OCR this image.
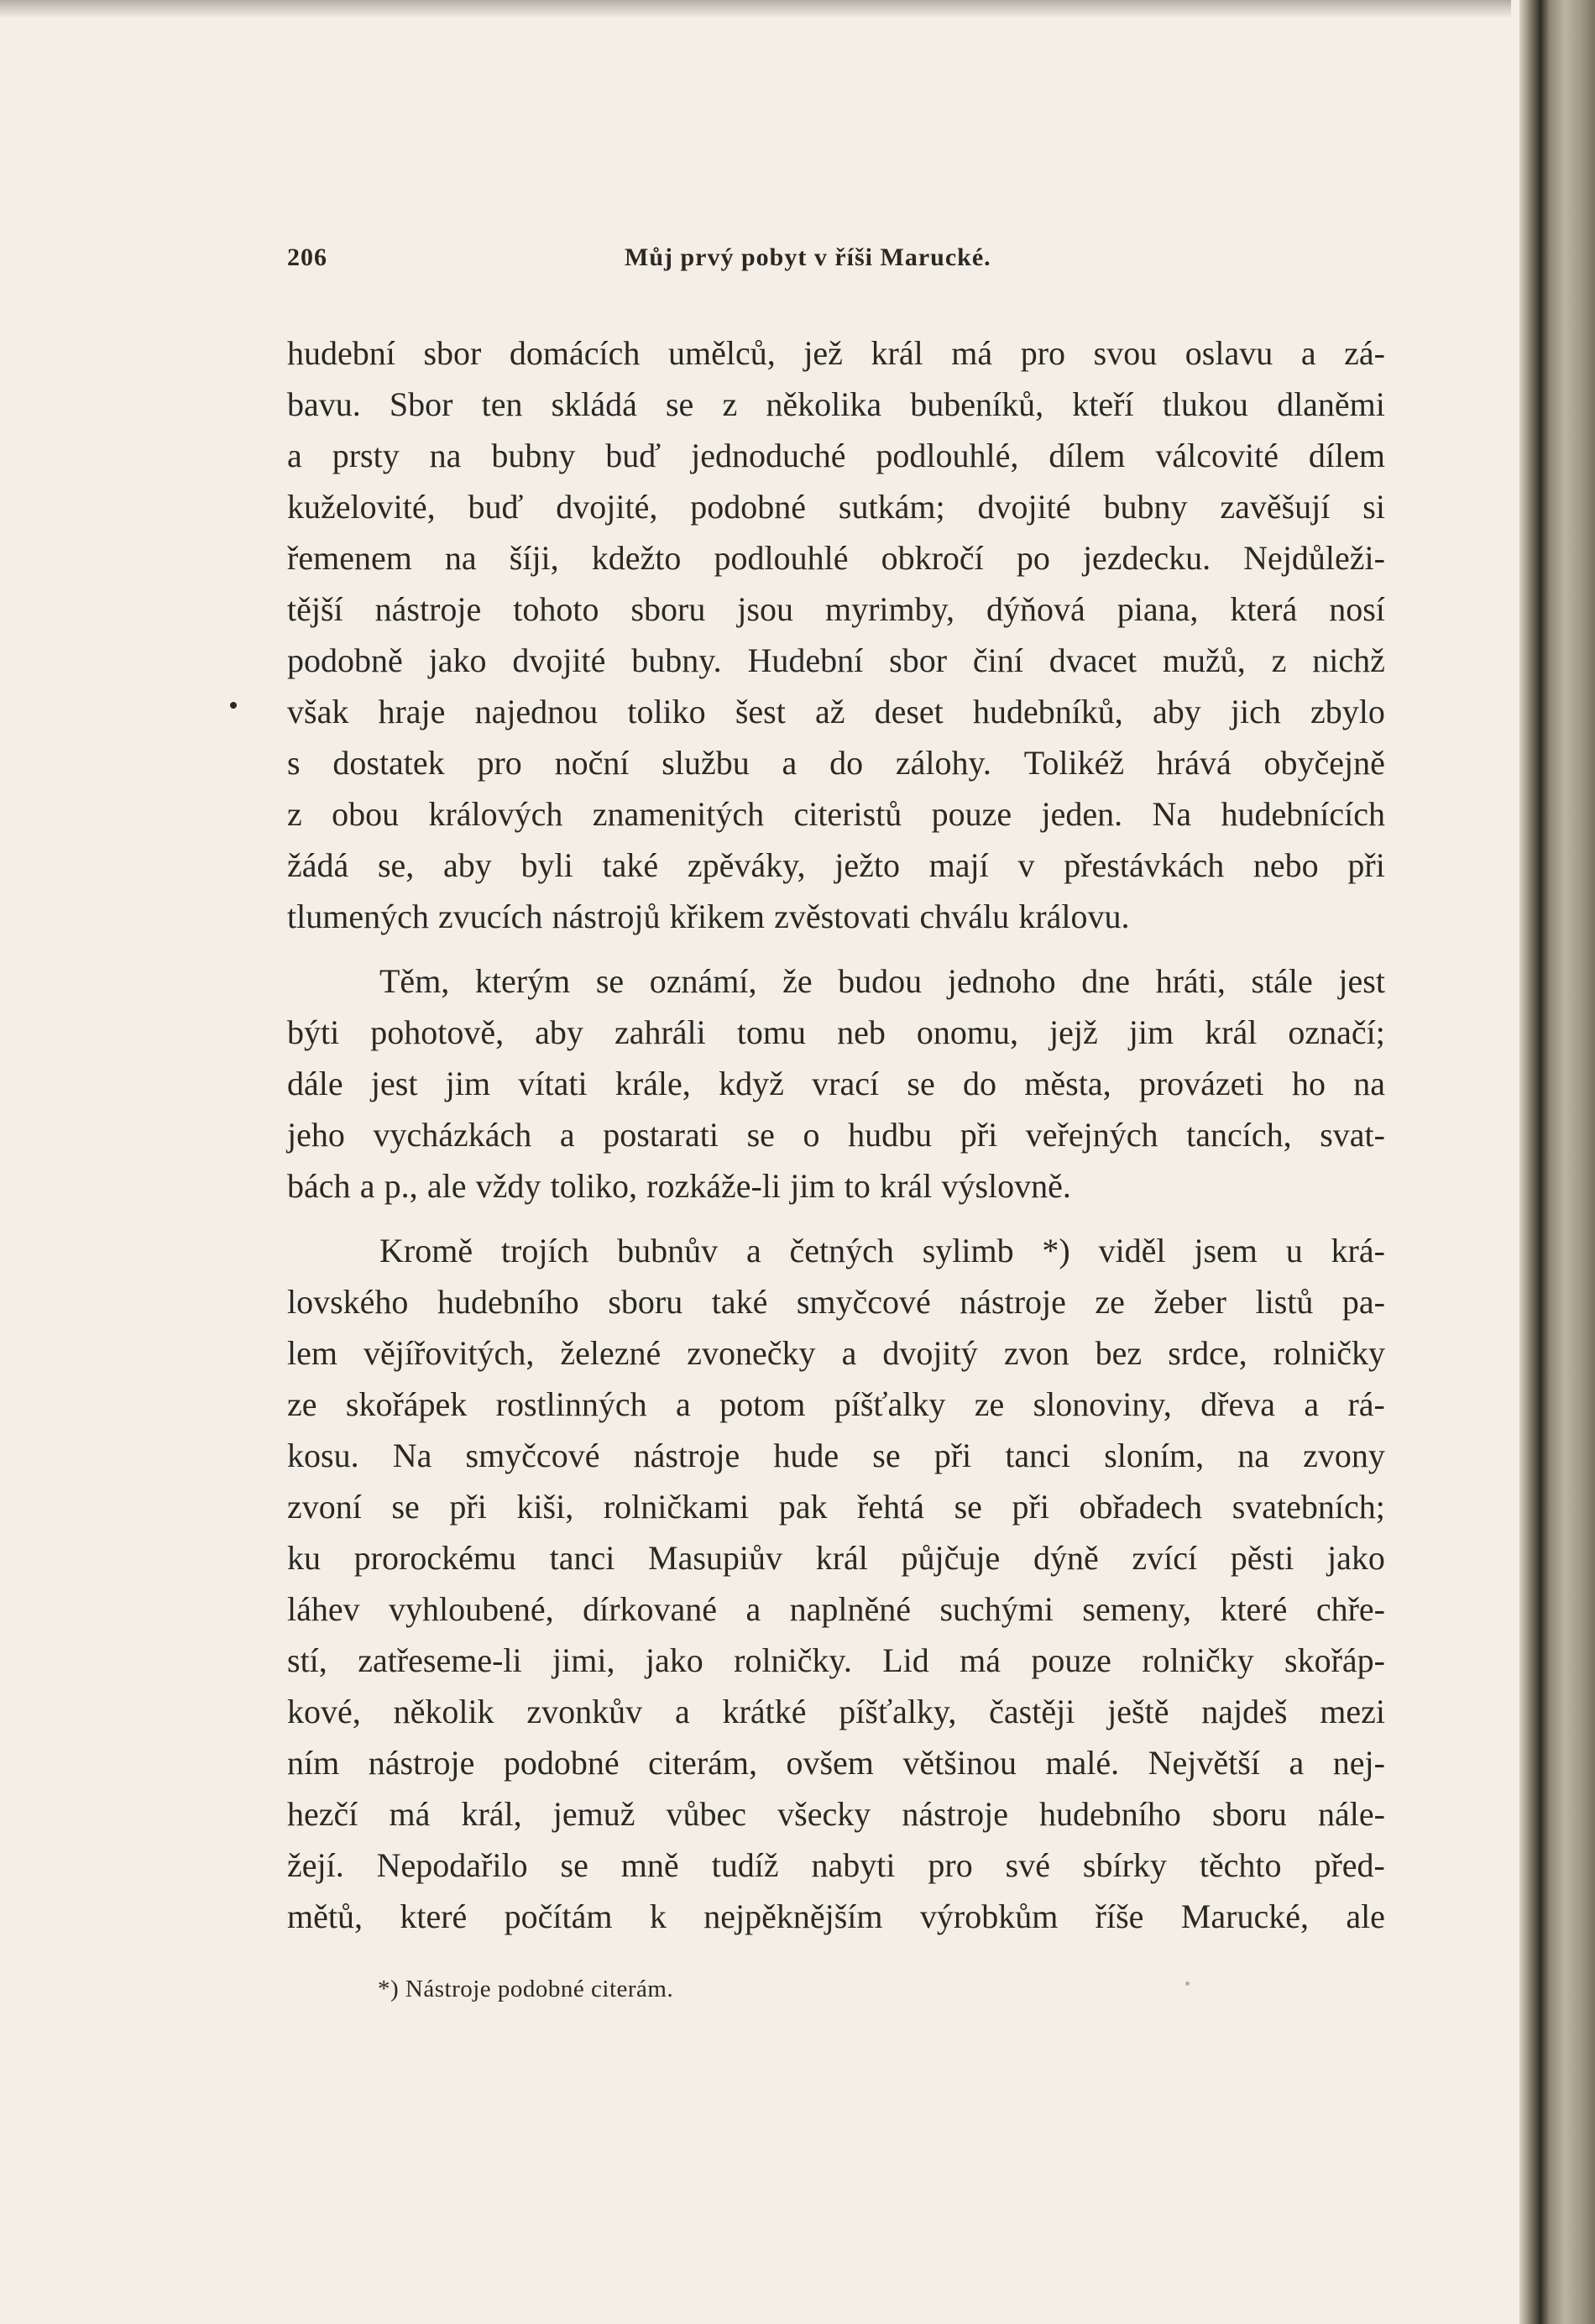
206	Můj prvý pobyt v říši Marucké.
hudební sbor domácích umělců, jež král má pro svou oslavu a zá-
bavu. Sbor ten skládá se z několika bubeníků, kteří tlukou dlaněmi
a prsty na bubny buď jednoduché podlouhlé, dílem válcovité dílem
kuželovité, buď dvojité, podobné sutkám; dvojité bubny zavěšují si
řemenem na šíji, kdežto podlouhlé obkročí po jezdecku. Nejdůleži-
tější nástroje tohoto sboru jsou myrimby, dýňová piana, která nosí
podobně jako dvojité bubny. Hudební sbor činí dvacet mužů, z nichž
však hraje najednou toliko šest až deset hudebníků, aby jich zbylo
s dostatek pro noční službu a do zálohy. Tolikéž hrává obyčejně
z obou králových znamenitých citeristů pouze jeden. Na hudebnících
žádá se, aby byli také zpěváky, ježto mají v přestávkách nebo při
tlumených zvucích nástrojů křikem zvěstovati chválu královu.
Těm, kterým se oznámí, že budou jednoho dne hráti, stále jest
býti pohotově, aby zahráli tomu neb onomu, jejž jim král označí;
dále jest jim vítati krále, když vrací se do města, provázeti ho na
jeho vycházkách a postarati se o hudbu při veřejných tancích, svat-
bách a p., ale vždy toliko, rozkáže-li jim to král výslovně.
Kromě trojích bubnův a četných sylimb *) viděl jsem u krá-
lovského hudebního sboru také smyčcové nástroje ze žeber listů pa-
lem vějířovitých, železné zvonečky a dvojitý zvon bez srdce, rolničky
ze skořápek rostlinných a potom píšťalky ze slonoviny, dřeva a rá-
kosu. Na smyčcové nástroje hude se při tanci sloním, na zvony
zvoní se při kiši, rolničkami pak řehtá se při obřadech svatebních;
ku prorockému tanci Masupiův král půjčuje dýně zvící pěsti jako
láhev vyhloubené, dírkované a naplněné suchými semeny, které chře-
stí, zatřeseme-li jimi, jako rolničky. Lid má pouze rolničky skořáp-
kové, několik zvonkův a krátké píšťalky, častěji ještě najdeš mezi
ním nástroje podobné citerám, ovšem většinou malé. Největší a nej-
hezčí má král, jemuž vůbec všecky nástroje hudebního sboru nále-
žejí. Nepodařilo se mně tudíž nabyti pro své sbírky těchto před-
mětů, které počítám k nejpěknějším výrobkům říše Marucké, ale
*) Nástroje podobné citerám.
